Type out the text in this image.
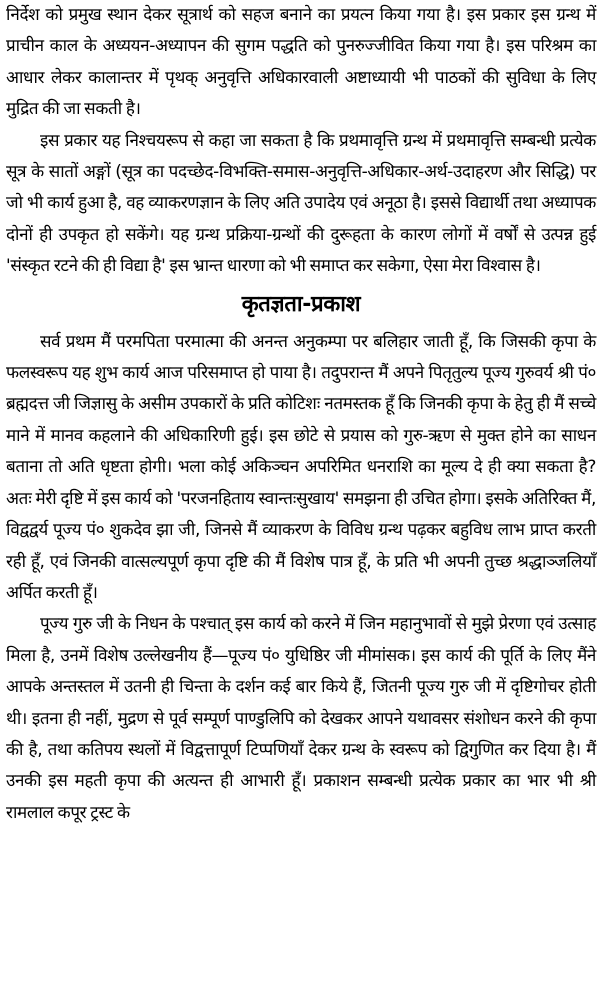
निर्देश को प्रमुख स्थान देकर सूत्रार्थ को सहज बनाने का प्रयत्न किया गया है। इस प्रकार इस ग्रन्थ में प्राचीन काल के अध्ययन-अध्यापन की सुगम पद्धति को पुनरुज्जीवित किया गया है। इस परिश्रम का आधार लेकर कालान्तर में पृथक् अनुवृत्ति अधिकारवाली अष्टाध्यायी भी पाठकों की सुविधा के लिए मुद्रित की जा सकती है।

इस प्रकार यह निश्चयरूप से कहा जा सकता है कि प्रथमावृत्ति ग्रन्थ में प्रथमावृत्ति सम्बन्धी प्रत्येक सूत्र के सातों अङ्गों (सूत्र का पदच्छेद-विभक्ति-समास-अनुवृत्ति-अधिकार-अर्थ-उदाहरण और सिद्धि) पर जो भी कार्य हुआ है, वह व्याकरणज्ञान के लिए अति उपादेय एवं अनूठा है। इससे विद्यार्थी तथा अध्यापक दोनों ही उपकृत हो सकेंगे। यह ग्रन्थ प्रक्रिया-ग्रन्थों की दुरूहता के कारण लोगों में वर्षों से उत्पन्न हुई 'संस्कृत रटने की ही विद्या है' इस भ्रान्त धारणा को भी समाप्त कर सकेगा, ऐसा मेरा विश्वास है।

कृतज्ञता-प्रकाश

सर्व प्रथम मैं परमपिता परमात्मा की अनन्त अनुकम्पा पर बलिहार जाती हूँ, कि जिसकी कृपा के फलस्वरूप यह शुभ कार्य आज परिसमाप्त हो पाया है। तदुपरान्त मैं अपने पितृतुल्य पूज्य गुरुवर्य श्री पं० ब्रह्मदत्त जी जिज्ञासु के असीम उपकारों के प्रति कोटिशः नतमस्तक हूँ कि जिनकी कृपा के हेतु ही मैं सच्चे माने में मानव कहलाने की अधिकारिणी हुई। इस छोटे से प्रयास को गुरु-ऋण से मुक्त होने का साधन बताना तो अति धृष्टता होगी। भला कोई अकिञ्चन अपरिमित धनराशि का मूल्य दे ही क्या सकता है? अतः मेरी दृष्टि में इस कार्य को 'परजनहिताय स्वान्तःसुखाय' समझना ही उचित होगा। इसके अतिरिक्त मैं, विद्वद्वर्य पूज्य पं० शुकदेव झा जी, जिनसे मैं व्याकरण के विविध ग्रन्थ पढ़कर बहुविध लाभ प्राप्त करती रही हूँ, एवं जिनकी वात्सल्यपूर्ण कृपा दृष्टि की मैं विशेष पात्र हूँ, के प्रति भी अपनी तुच्छ श्रद्धाञ्जलियाँ अर्पित करती हूँ।

पूज्य गुरु जी के निधन के पश्चात् इस कार्य को करने में जिन महानुभावों से मुझे प्रेरणा एवं उत्साह मिला है, उनमें विशेष उल्लेखनीय हैं—पूज्य पं० युधिष्ठिर जी मीमांसक। इस कार्य की पूर्ति के लिए मैंने आपके अन्तस्तल में उतनी ही चिन्ता के दर्शन कई बार किये हैं, जितनी पूज्य गुरु जी में दृष्टिगोचर होती थी। इतना ही नहीं, मुद्रण से पूर्व सम्पूर्ण पाण्डुलिपि को देखकर आपने यथावसर संशोधन करने की कृपा की है, तथा कतिपय स्थलों में विद्वत्तापूर्ण टिप्पणियाँ देकर ग्रन्थ के स्वरूप को द्विगुणित कर दिया है। मैं उनकी इस महती कृपा की अत्यन्त ही आभारी हूँ। प्रकाशन सम्बन्धी प्रत्येक प्रकार का भार भी श्री रामलाल कपूर ट्रस्ट के
